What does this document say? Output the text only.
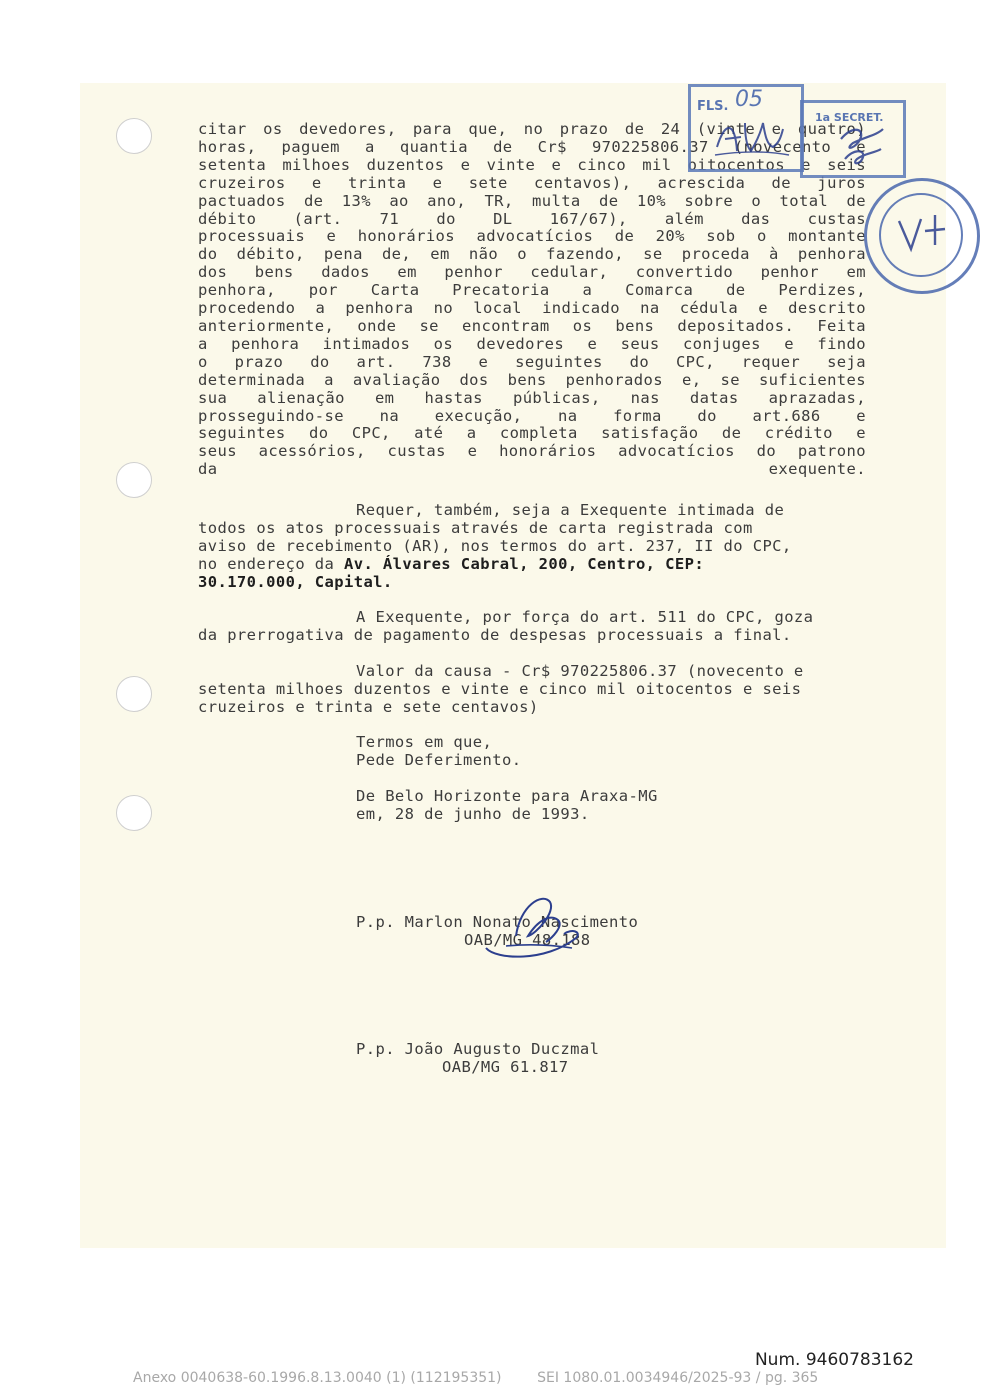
citar os devedores, para que, no prazo de 24 (vinte e quatro)
horas, paguem a quantia de Cr$ 970225806.37 (novecento e
setenta milhoes duzentos e vinte e cinco mil oitocentos e seis
cruzeiros e trinta e sete centavos), acrescida de juros
pactuados de 13% ao ano, TR, multa de 10% sobre o total de
débito (art. 71 do DL 167/67), além das custas
processuais e honorários advocatícios de 20% sob o montante
do débito, pena de, em não o fazendo, se proceda à penhora
dos bens dados em penhor cedular, convertido penhor em
penhora, por Carta Precatoria a Comarca de Perdizes,
procedendo a penhora no local indicado na cédula e descrito
anteriormente, onde se encontram os bens depositados. Feita
a penhora intimados os devedores e seus conjuges e findo
o prazo do art. 738 e seguintes do CPC, requer seja
determinada a avaliação dos bens penhorados e, se suficientes
sua alienação em hastas públicas, nas datas aprazadas,
prosseguindo-se na execução, na forma do art.686 e
seguintes do CPC, até a completa satisfação de crédito e
seus acessórios, custas e honorários advocatícios do patrono
da exequente.
Requer, também, seja a Exequente intimada de
todos os atos processuais através de carta registrada com
aviso de recebimento (AR), nos termos do art. 237, II do CPC,
no endereço da Av. Álvares Cabral, 200, Centro, CEP:
30.170.000, Capital.
A Exequente, por força do art. 511 do CPC, goza
da prerrogativa de pagamento de despesas processuais a final.
Valor da causa - Cr$ 970225806.37 (novecento e
setenta milhoes duzentos e vinte e cinco mil oitocentos e seis
cruzeiros e trinta e sete centavos)
Termos em que,
Pede Deferimento.
De Belo Horizonte para Araxa-MG
em, 28 de junho de 1993.
P.p. Marlon Nonato Nascimento
OAB/MG 48.188
P.p. João Augusto Duczmal
OAB/MG 61.817
FLS. 05
1a SECRET.
Num. 9460783162
Anexo 0040638-60.1996.8.13.0040 (1) (112195351)        SEI 1080.01.0034946/2025-93 / pg. 365
